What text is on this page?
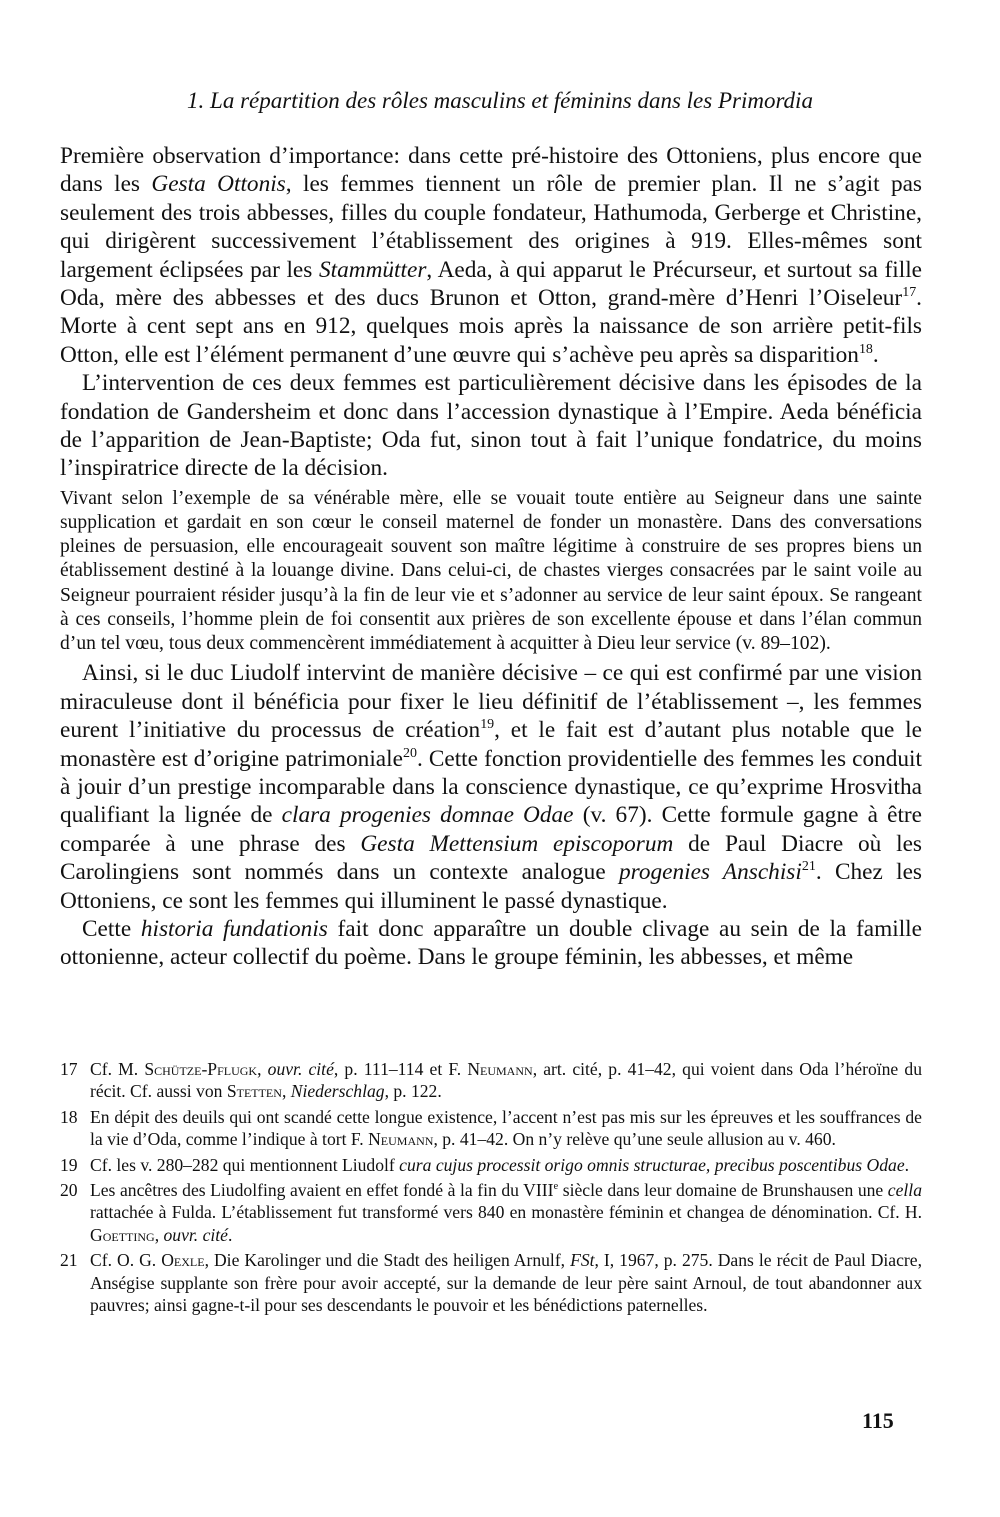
1. La répartition des rôles masculins et féminins dans les Primordia

Première observation d’importance: dans cette pré-histoire des Ottoniens, plus encore que dans les Gesta Ottonis, les femmes tiennent un rôle de premier plan. Il ne s’agit pas seulement des trois abbesses, filles du couple fondateur, Hathumoda, Gerberge et Christine, qui dirigèrent successivement l’établissement des origines à 919. Elles-mêmes sont largement éclipsées par les Stammütter, Aeda, à qui apparut le Précurseur, et surtout sa fille Oda, mère des abbesses et des ducs Brunon et Otton, grand-mère d’Henri l’Oiseleur$^{17}$. Morte à cent sept ans en 912, quelques mois après la naissance de son arrière petit-fils Otton, elle est l’élément permanent d’une œuvre qui s’achève peu après sa disparition$^{18}$.

L’intervention de ces deux femmes est particulièrement décisive dans les épisodes de la fondation de Gandersheim et donc dans l’accession dynastique à l’Empire. Aeda bénéficia de l’apparition de Jean-Baptiste; Oda fut, sinon tout à fait l’unique fondatrice, du moins l’inspiratrice directe de la décision.

Vivant selon l’exemple de sa vénérable mère, elle se vouait toute entière au Seigneur dans une sainte supplication et gardait en son cœur le conseil maternel de fonder un monastère. Dans des conversations pleines de persuasion, elle encourageait souvent son maître légitime à construire de ses propres biens un établissement destiné à la louange divine. Dans celui-ci, de chastes vierges consacrées par le saint voile au Seigneur pourraient résider jusqu’à la fin de leur vie et s’adonner au service de leur saint époux. Se rangeant à ces conseils, l’homme plein de foi consentit aux prières de son excellente épouse et dans l’élan commun d’un tel vœu, tous deux commencèrent immédiatement à acquitter à Dieu leur service (v. 89–102).

Ainsi, si le duc Liudolf intervint de manière décisive – ce qui est confirmé par une vision miraculeuse dont il bénéficia pour fixer le lieu définitif de l’établissement –, les femmes eurent l’initiative du processus de création$^{19}$, et le fait est d’autant plus notable que le monastère est d’origine patrimoniale$^{20}$. Cette fonction providentielle des femmes les conduit à jouir d’un prestige incomparable dans la conscience dynastique, ce qu’exprime Hrosvitha qualifiant la lignée de clara progenies domnae Odae (v. 67). Cette formule gagne à être comparée à une phrase des Gesta Mettensium episcoporum de Paul Diacre où les Carolingiens sont nommés dans un contexte analogue progenies Anschisi$^{21}$. Chez les Ottoniens, ce sont les femmes qui illuminent le passé dynastique.

Cette historia fundationis fait donc apparaître un double clivage au sein de la famille ottonienne, acteur collectif du poème. Dans le groupe féminin, les abbesses, et même

17 Cf. M. Schütze-Pflugk, ouvr. cité, p. 111–114 et F. Neumann, art. cité, p. 41–42, qui voient dans Oda l’héroïne du récit. Cf. aussi von Stetten, Niederschlag, p. 122.
18 En dépit des deuils qui ont scandé cette longue existence, l’accent n’est pas mis sur les épreuves et les souffrances de la vie d’Oda, comme l’indique à tort F. Neumann, p. 41–42. On n’y relève qu’une seule allusion au v. 460.
19 Cf. les v. 280–282 qui mentionnent Liudolf cura cujus processit origo omnis structurae, precibus poscentibus Odae.
20 Les ancêtres des Liudolfing avaient en effet fondé à la fin du VIIIe siècle dans leur domaine de Brunshausen une cella rattachée à Fulda. L’établissement fut transformé vers 840 en monastère féminin et changea de dénomination. Cf. H. Goetting, ouvr. cité.
21 Cf. O. G. Oexle, Die Karolinger und die Stadt des heiligen Arnulf, FSt, I, 1967, p. 275. Dans le récit de Paul Diacre, Anségise supplante son frère pour avoir accepté, sur la demande de leur père saint Arnoul, de tout abandonner aux pauvres; ainsi gagne-t-il pour ses descendants le pouvoir et les bénédictions paternelles.
115
